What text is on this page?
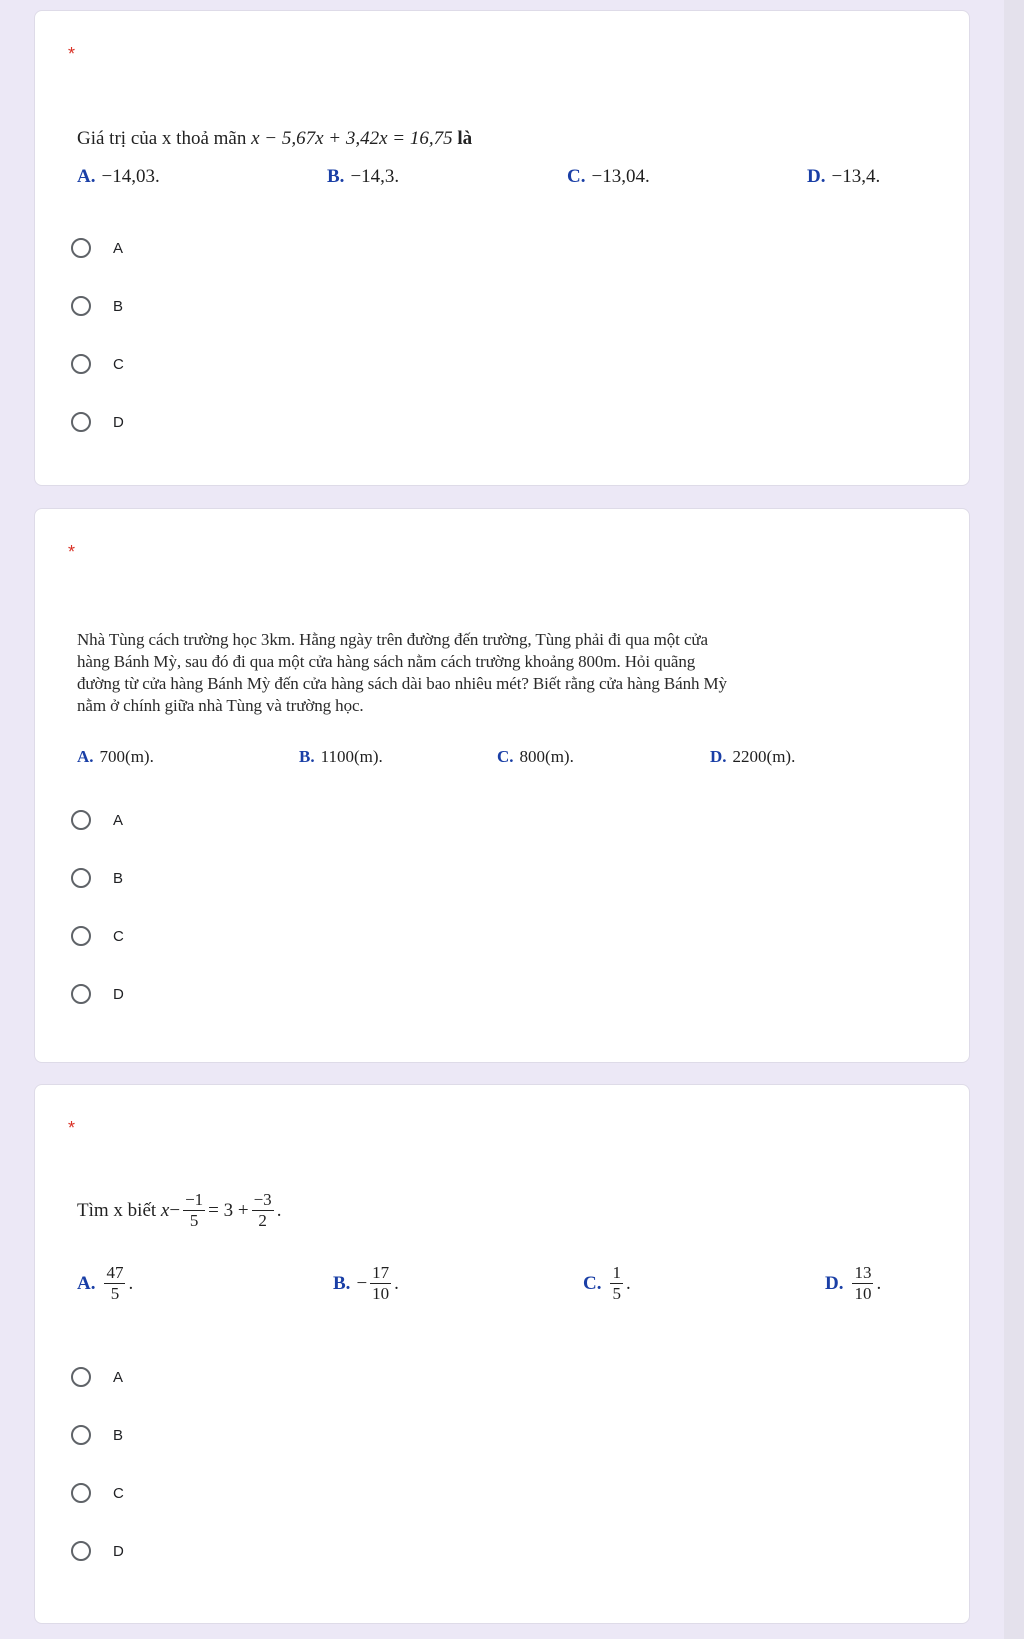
*
Giá trị của x thoả mãn x − 5,67x + 3,42x = 16,75 là
A. −14,03.	B. −14,3.	C. −13,04.	D. −13,4.
A
B
C
D
*
Nhà Tùng cách trường học 3km. Hằng ngày trên đường đến trường, Tùng phải đi qua một cửa
hàng Bánh Mỳ, sau đó đi qua một cửa hàng sách nằm cách trường khoảng 800m. Hỏi quãng
đường từ cửa hàng Bánh Mỳ đến cửa hàng sách dài bao nhiêu mét? Biết rằng cửa hàng Bánh Mỳ
nằm ở chính giữa nhà Tùng và trường học.
A. 700(m).	B. 1100(m).	C. 800(m).	D. 2200(m).
A
B
C
D
*
Tìm x biết
$x - \frac{-1}{5} = 3 + \frac{-3}{2}$ .
A. $\frac{47}{5}$ .	B. − $\frac{17}{10}$ .	C. $\frac{1}{5}$ .	D. $\frac{13}{10}$ .
A
B
C
D
